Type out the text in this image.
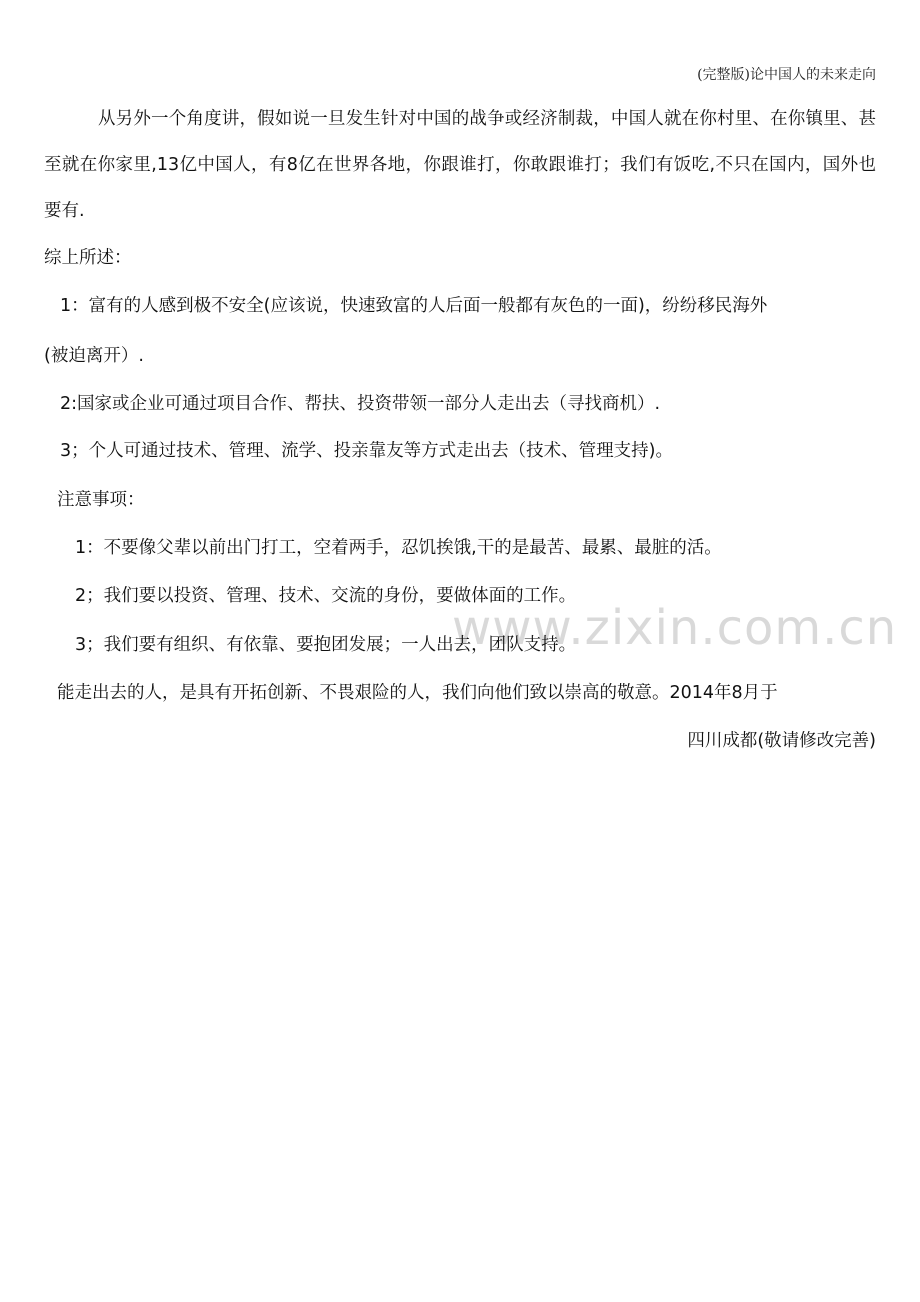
www.zixin.com.cn
(完整版)论中国人的未来走向
从另外一个角度讲，假如说一旦发生针对中国的战争或经济制裁，中国人就在你村里、在你镇里、甚至就在你家里,13亿中国人，有8亿在世界各地，你跟谁打，你敢跟谁打；我们有饭吃,不只在国内，国外也要有.
综上所述：
1：富有的人感到极不安全(应该说，快速致富的人后面一般都有灰色的一面)，纷纷移民海外
(被迫离开）.
2:国家或企业可通过项目合作、帮扶、投资带领一部分人走出去（寻找商机）.
3；个人可通过技术、管理、流学、投亲靠友等方式走出去（技术、管理支持)。
注意事项：
1：不要像父辈以前出门打工，空着两手，忍饥挨饿,干的是最苦、最累、最脏的活。
2；我们要以投资、管理、技术、交流的身份，要做体面的工作。
3；我们要有组织、有依靠、要抱团发展；一人出去，团队支持。
能走出去的人，是具有开拓创新、不畏艰险的人，我们向他们致以崇高的敬意。2014年8月于
四川成都(敬请修改完善)
